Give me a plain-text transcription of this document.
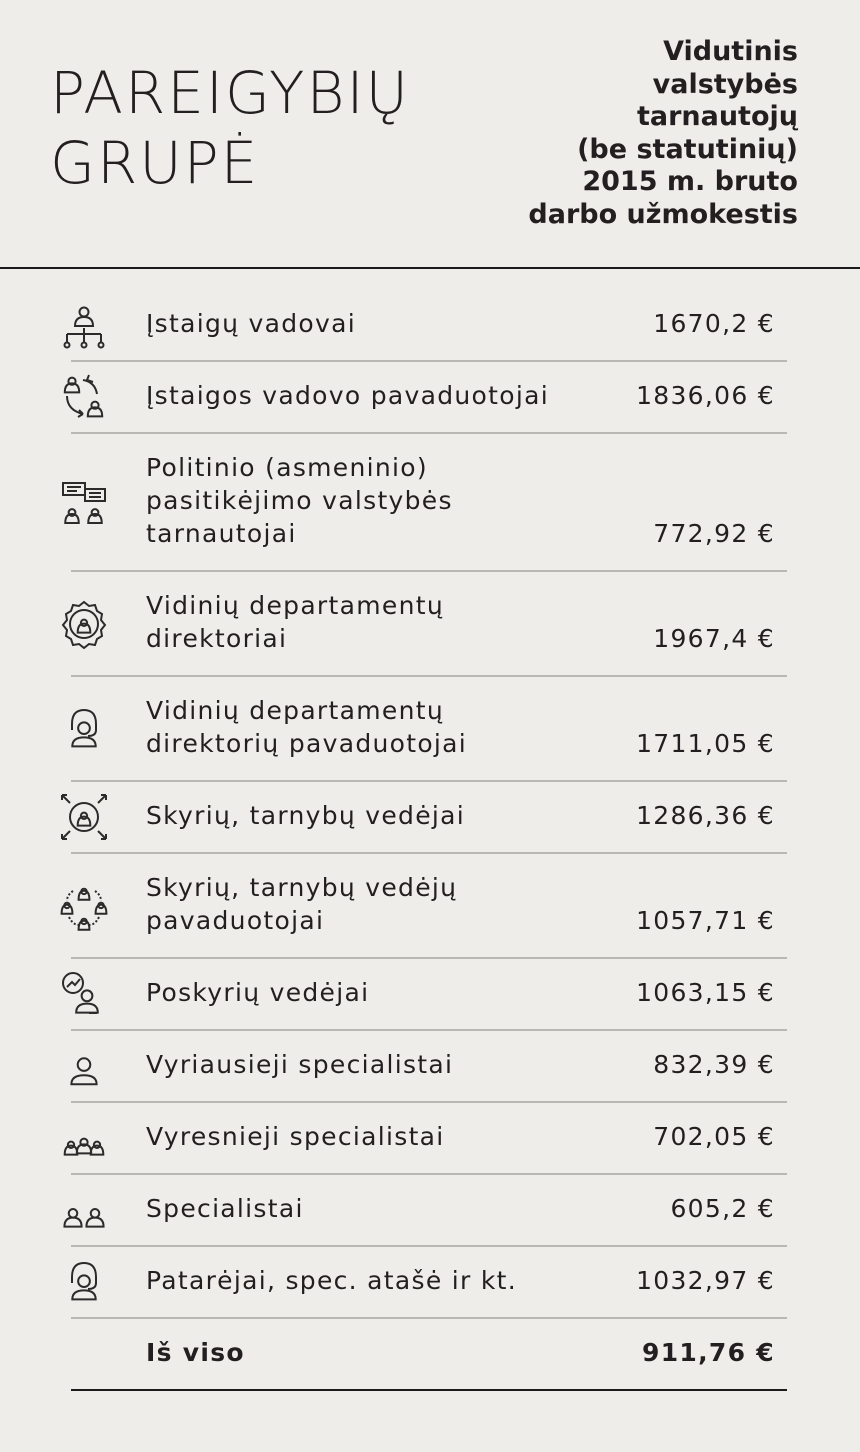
PAREIGYBIŲ
GRUPĖ
Vidutinis
valstybės
tarnautojų
(be statutinių)
2015 m. bruto
darbo užmokestis
Įstaigų vadovai	1670,2 €
Įstaigos vadovo pavaduotojai	1836,06 €
Politinio (asmeninio) pasitikėjimo valstybės tarnautojai	772,92 €
Vidinių departamentų direktoriai	1967,4 €
Vidinių departamentų direktorių pavaduotojai	1711,05 €
Skyrių, tarnybų vedėjai	1286,36 €
Skyrių, tarnybų vedėjų pavaduotojai	1057,71 €
Poskyrių vedėjai	1063,15 €
Vyriausieji specialistai	832,39 €
Vyresnieji specialistai	702,05 €
Specialistai	605,2 €
Patarėjai, spec. atašė ir kt.	1032,97 €
Iš viso	911,76 €
